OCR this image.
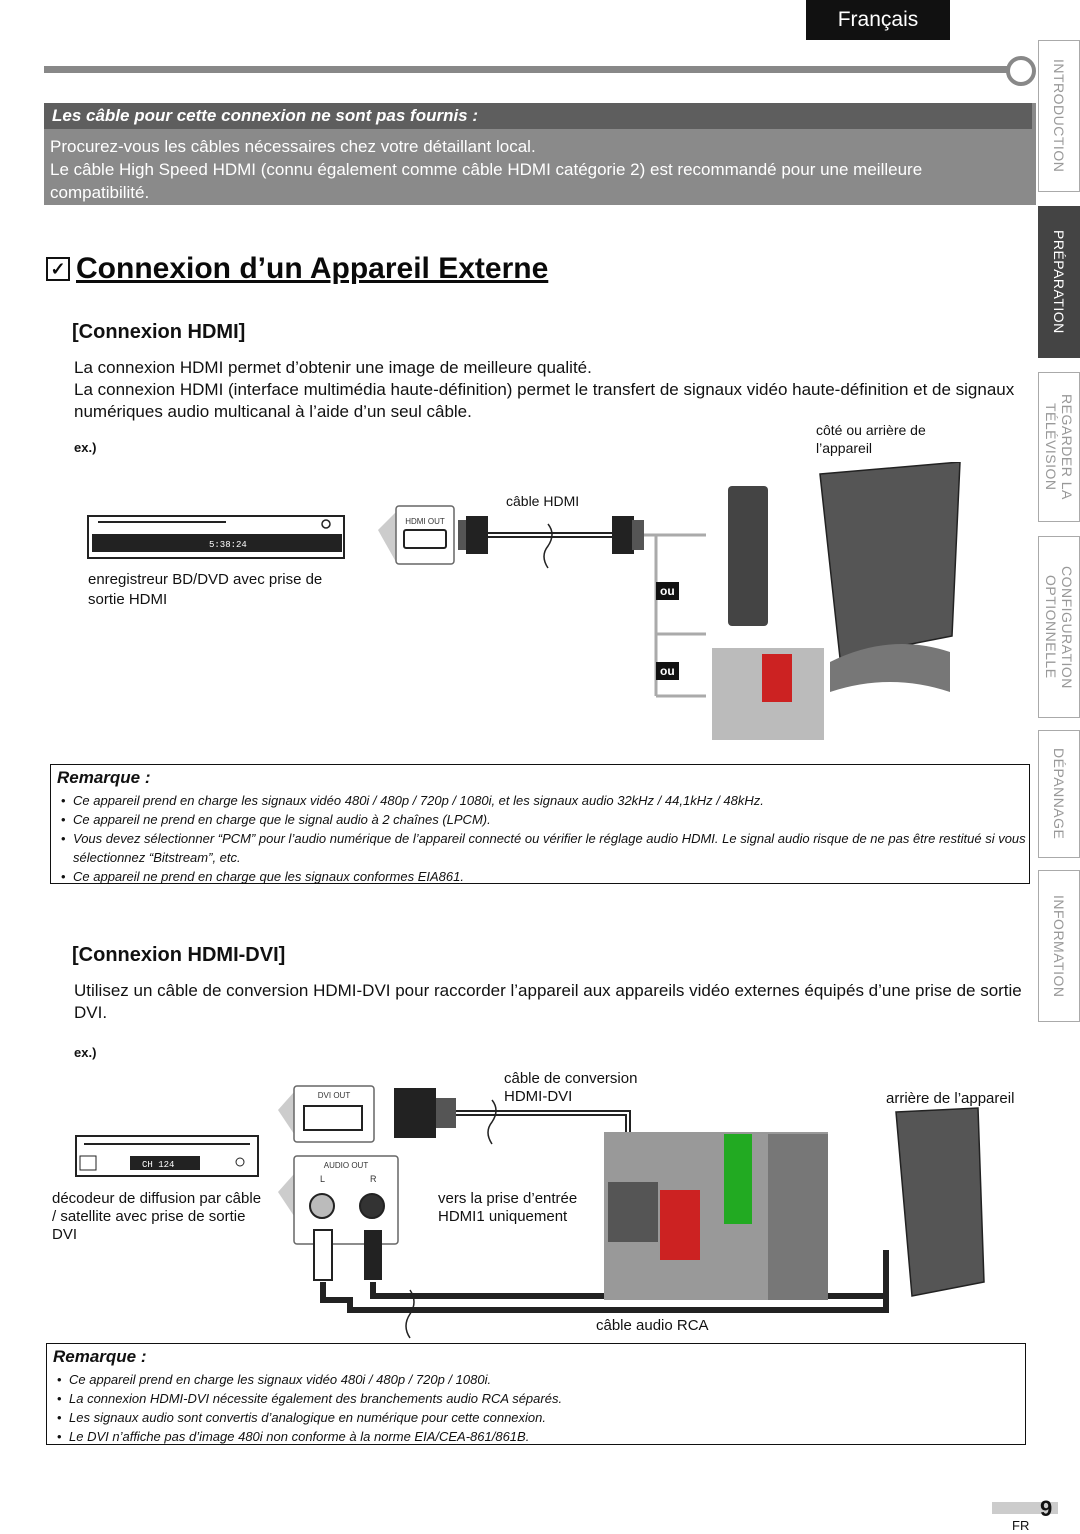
Français
INTRODUCTION
PRÉPARATION
REGARDER LA TÉLÉVISION
CONFIGURATION OPTIONNELLE
DÉPANNAGE
INFORMATION
Les câble pour cette connexion ne sont pas fournis :
Procurez-vous les câbles nécessaires chez votre détaillant local.
Le câble High Speed HDMI (connu également comme câble HDMI catégorie 2) est recommandé pour une meilleure compatibilité.
✓ Connexion d’un Appareil Externe
[Connexion HDMI]
La connexion HDMI permet d’obtenir une image de meilleure qualité.
La connexion HDMI (interface multimédia haute-définition) permet le transfert de signaux vidéo haute-définition et de signaux numériques audio multicanal à l’aide d’un seul câble.
ex.)
5:38:24
HDMI OUT
câble HDMI
ou
ou
côté ou arrière de l’appareil
enregistreur BD/DVD avec prise de sortie HDMI
Remarque :
• Ce appareil prend en charge les signaux vidéo 480i / 480p / 720p / 1080i, et les signaux audio 32kHz / 44,1kHz / 48kHz.
• Ce appareil ne prend en charge que le signal audio à 2 chaînes (LPCM).
• Vous devez sélectionner “PCM” pour l’audio numérique de l’appareil connecté ou vérifier le réglage audio HDMI. Le signal audio risque de ne pas être restitué si vous sélectionnez “Bitstream”, etc.
• Ce appareil ne prend en charge que les signaux conformes EIA861.
[Connexion HDMI-DVI]
Utilisez un câble de conversion HDMI-DVI pour raccorder l’appareil aux appareils vidéo externes équipés d’une prise de sortie DVI.
ex.)
CH 124
DVI OUT
AUDIO OUT
L	R
câble de conversion
HDMI-DVI	arrière de l’appareil
décodeur de diffusion par câble / satellite avec prise de sortie DVI
vers la prise d’entrée HDMI1 uniquement
câble audio RCA
Remarque :
• Ce appareil prend en charge les signaux vidéo 480i / 480p / 720p / 1080i.
• La connexion HDMI-DVI nécessite également des branchements audio RCA séparés.
• Les signaux audio sont convertis d’analogique en numérique pour cette connexion.
• Le DVI n’affiche pas d’image 480i non conforme à la norme EIA/CEA-861/861B.
9
FR
